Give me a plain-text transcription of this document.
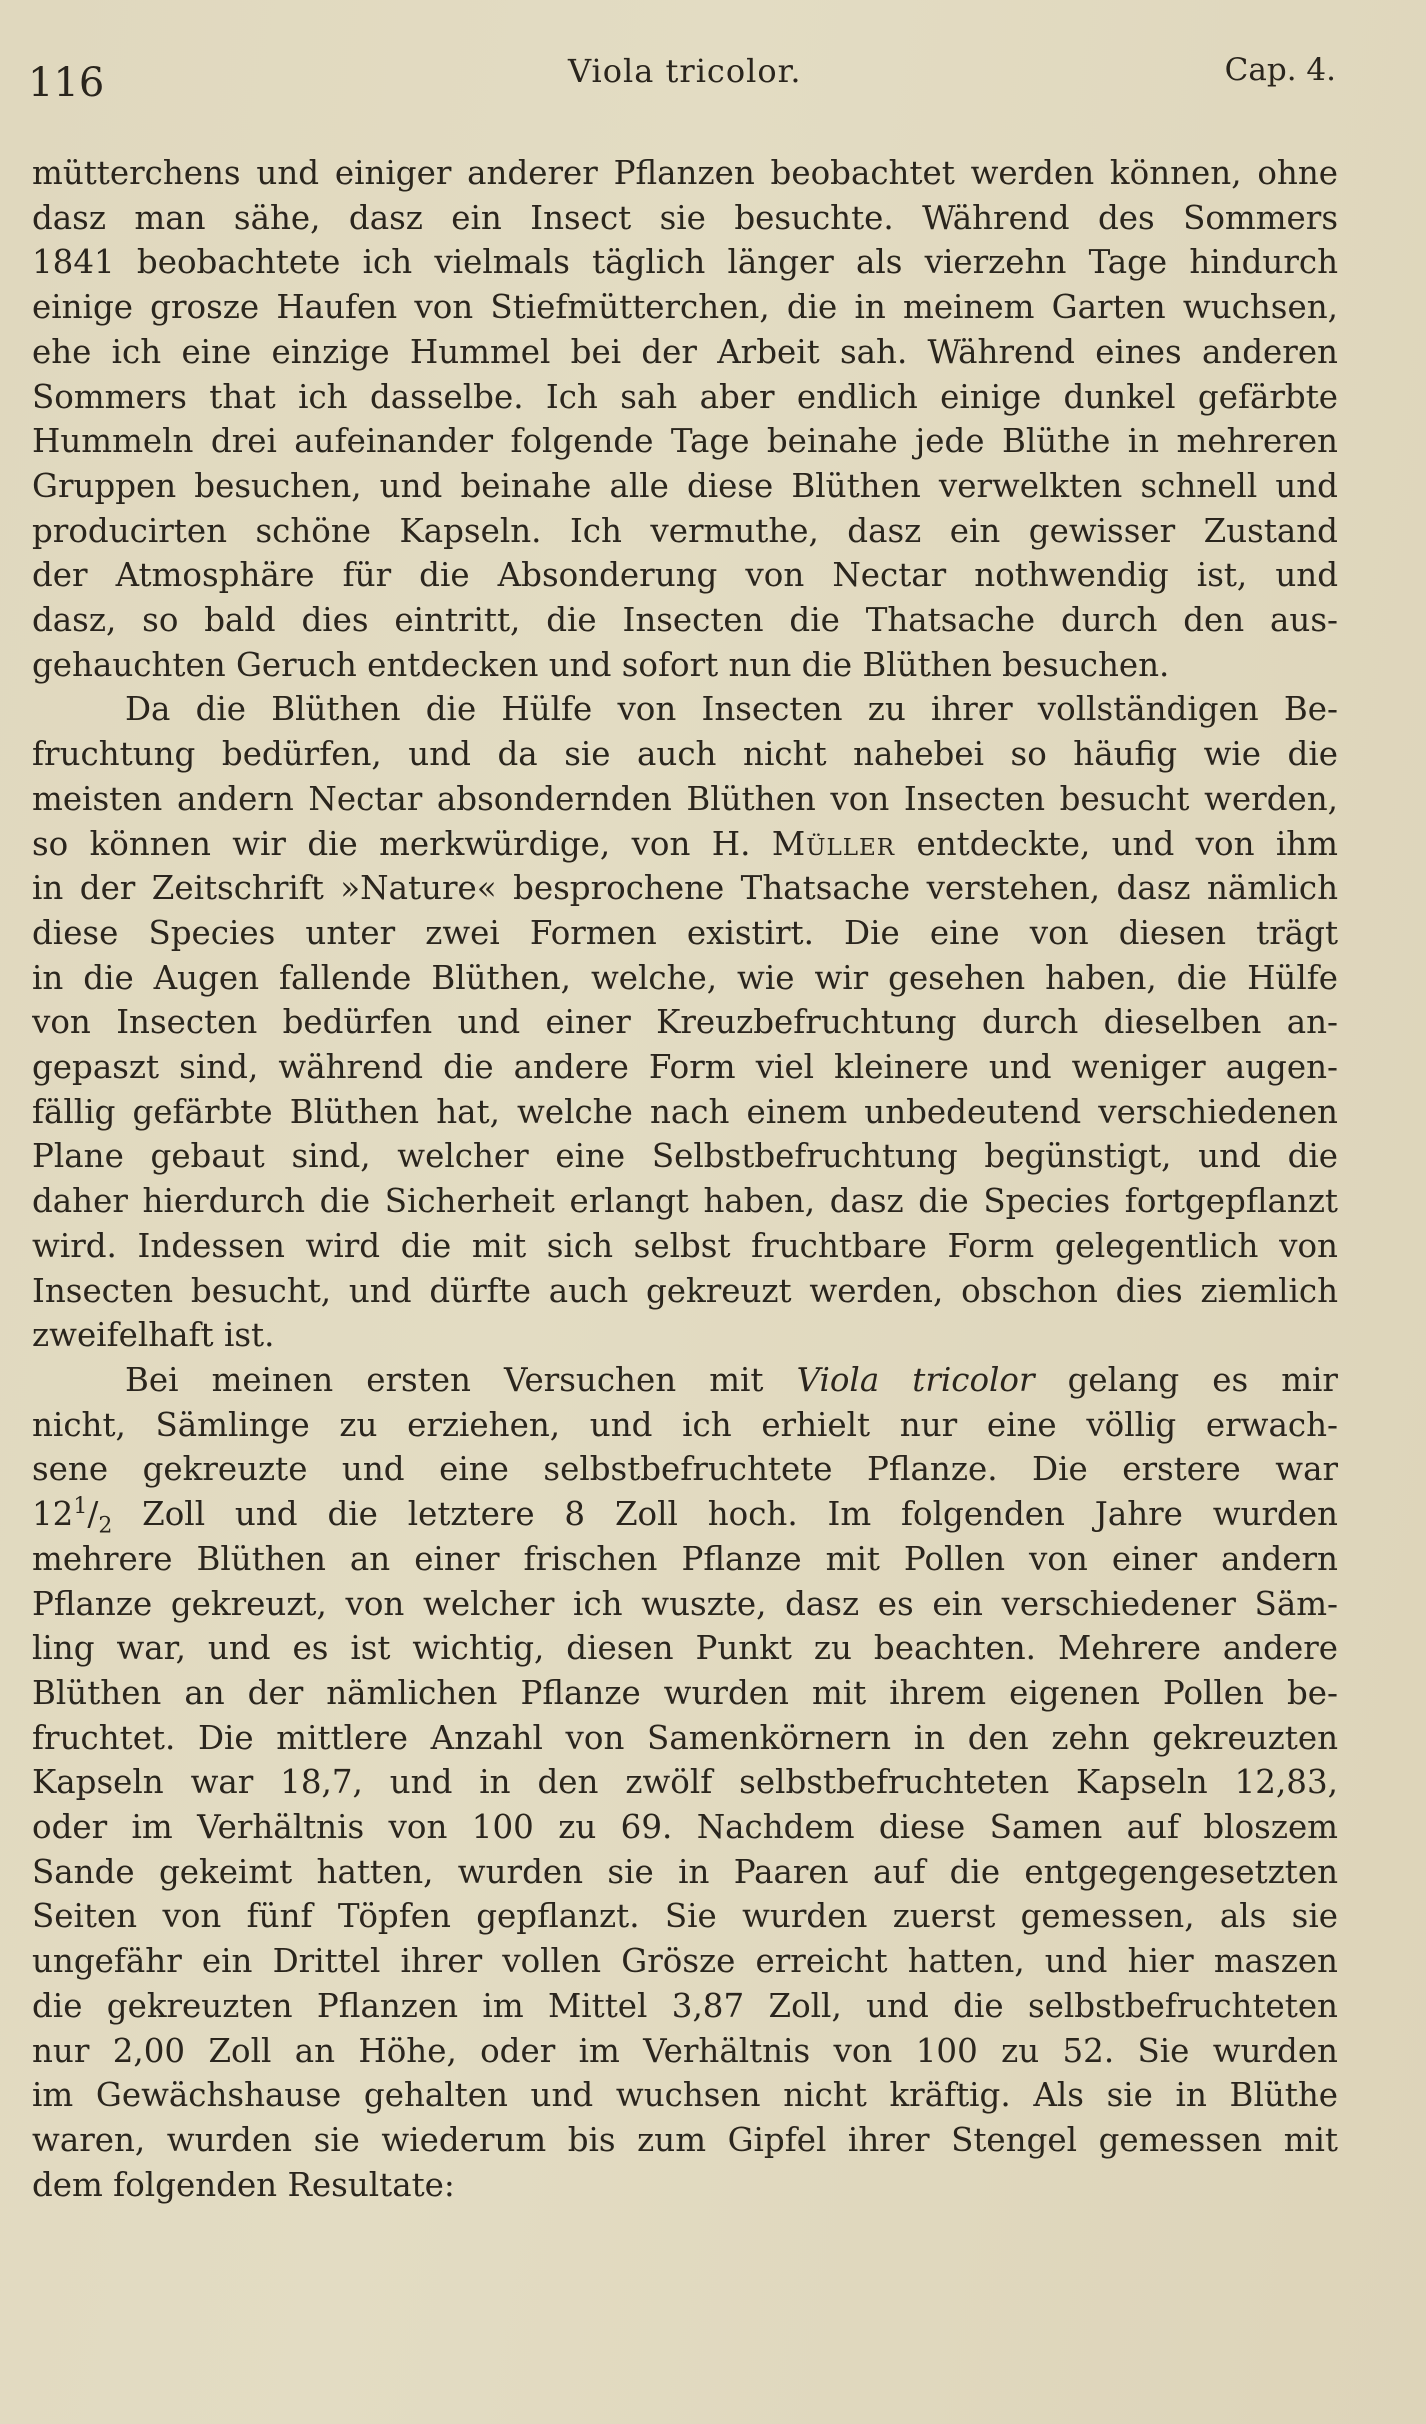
116	Viola tricolor.	Cap. 4.
mütterchens und einiger anderer Pflanzen beobachtet werden können, ohne
dasz man sähe, dasz ein Insect sie besuchte. Während des Sommers
1841 beobachtete ich vielmals täglich länger als vierzehn Tage hindurch
einige grosze Haufen von Stiefmütterchen, die in meinem Garten wuchsen,
ehe ich eine einzige Hummel bei der Arbeit sah. Während eines anderen
Sommers that ich dasselbe. Ich sah aber endlich einige dunkel gefärbte
Hummeln drei aufeinander folgende Tage beinahe jede Blüthe in mehreren
Gruppen besuchen, und beinahe alle diese Blüthen verwelkten schnell und
producirten schöne Kapseln. Ich vermuthe, dasz ein gewisser Zustand
der Atmosphäre für die Absonderung von Nectar nothwendig ist, und
dasz, so bald dies eintritt, die Insecten die Thatsache durch den aus-
gehauchten Geruch entdecken und sofort nun die Blüthen besuchen.
Da die Blüthen die Hülfe von Insecten zu ihrer vollständigen Be-
fruchtung bedürfen, und da sie auch nicht nahebei so häufig wie die
meisten andern Nectar absondernden Blüthen von Insecten besucht werden,
so können wir die merkwürdige, von H. Müller entdeckte, und von ihm
in der Zeitschrift »Nature« besprochene Thatsache verstehen, dasz nämlich
diese Species unter zwei Formen existirt. Die eine von diesen trägt
in die Augen fallende Blüthen, welche, wie wir gesehen haben, die Hülfe
von Insecten bedürfen und einer Kreuzbefruchtung durch dieselben an-
gepaszt sind, während die andere Form viel kleinere und weniger augen-
fällig gefärbte Blüthen hat, welche nach einem unbedeutend verschiedenen
Plane gebaut sind, welcher eine Selbstbefruchtung begünstigt, und die
daher hierdurch die Sicherheit erlangt haben, dasz die Species fortgepflanzt
wird. Indessen wird die mit sich selbst fruchtbare Form gelegentlich von
Insecten besucht, und dürfte auch gekreuzt werden, obschon dies ziemlich
zweifelhaft ist.
Bei meinen ersten Versuchen mit Viola tricolor gelang es mir
nicht, Sämlinge zu erziehen, und ich erhielt nur eine völlig erwach-
sene gekreuzte und eine selbstbefruchtete Pflanze. Die erstere war
$12^1/_2$ Zoll und die letztere 8 Zoll hoch. Im folgenden Jahre wurden
mehrere Blüthen an einer frischen Pflanze mit Pollen von einer andern
Pflanze gekreuzt, von welcher ich wuszte, dasz es ein verschiedener Säm-
ling war, und es ist wichtig, diesen Punkt zu beachten. Mehrere andere
Blüthen an der nämlichen Pflanze wurden mit ihrem eigenen Pollen be-
fruchtet. Die mittlere Anzahl von Samenkörnern in den zehn gekreuzten
Kapseln war 18,7, und in den zwölf selbstbefruchteten Kapseln 12,83,
oder im Verhältnis von 100 zu 69. Nachdem diese Samen auf bloszem
Sande gekeimt hatten, wurden sie in Paaren auf die entgegengesetzten
Seiten von fünf Töpfen gepflanzt. Sie wurden zuerst gemessen, als sie
ungefähr ein Drittel ihrer vollen Grösze erreicht hatten, und hier maszen
die gekreuzten Pflanzen im Mittel 3,87 Zoll, und die selbstbefruchteten
nur 2,00 Zoll an Höhe, oder im Verhältnis von 100 zu 52. Sie wurden
im Gewächshause gehalten und wuchsen nicht kräftig. Als sie in Blüthe
waren, wurden sie wiederum bis zum Gipfel ihrer Stengel gemessen mit
dem folgenden Resultate:
